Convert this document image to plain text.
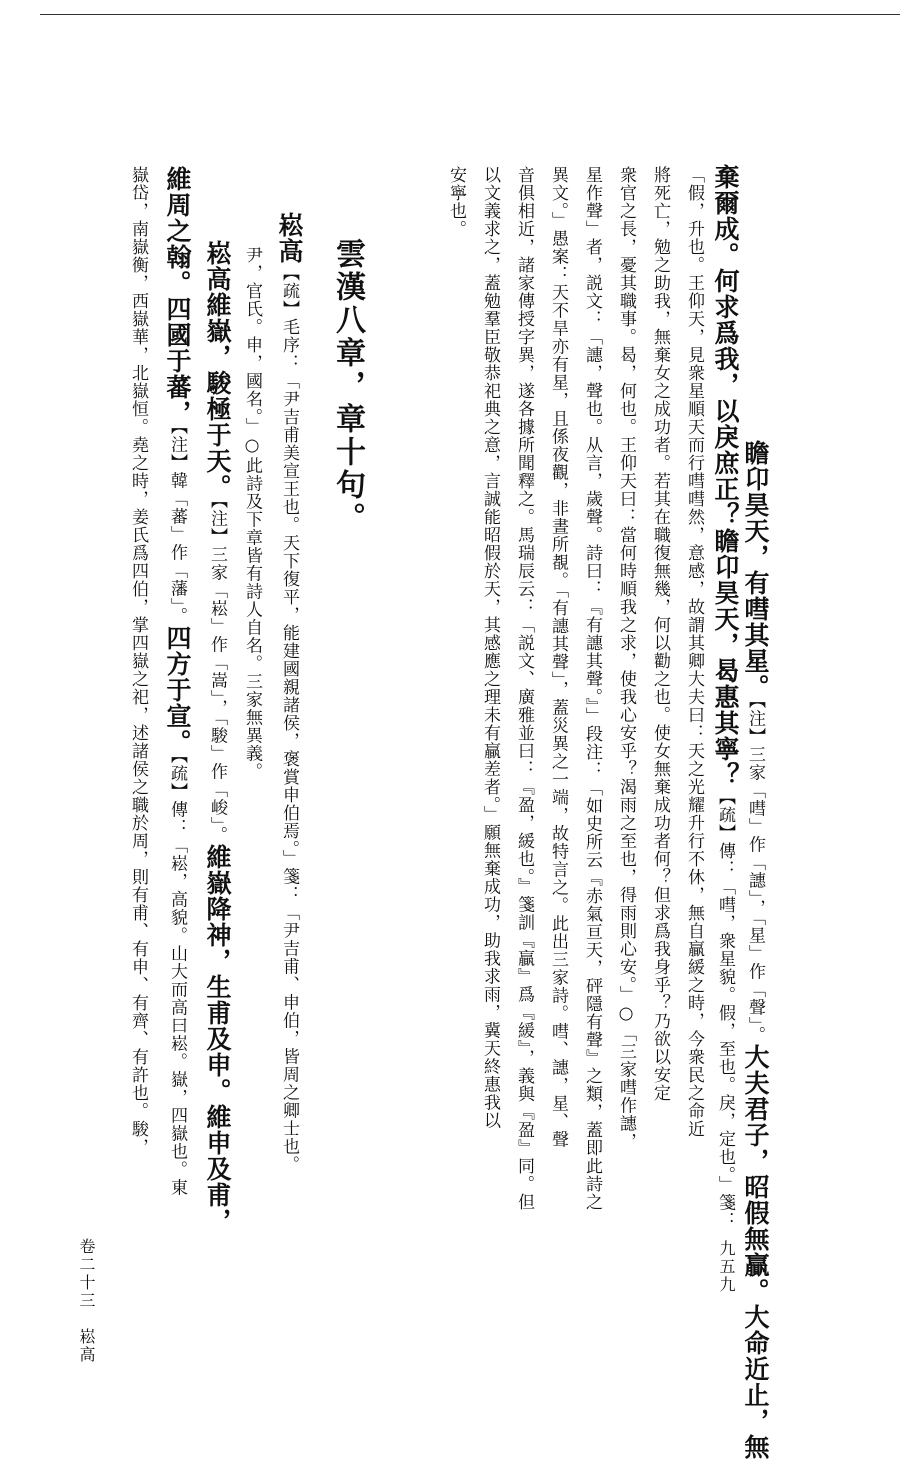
瞻卬昊天，有嘒其星。【注】三家「嘒」作「譓」，「星」作「聲」。大夫君子，昭假無贏。大命近止，無
棄爾成。何求爲我，以戾庶正？瞻卬昊天，曷惠其寧？【疏】傳：「嘒，衆星貌。假，至也。戾，定也。」箋：
「假，升也。王仰天，見衆星順天而行嘒嘒然，意感，故謂其卿大夫曰：天之光耀升行不休，無自贏緩之時，今衆民之命近
將死亡，勉之助我，無棄女之成功者。若其在職復無幾，何以勸之也。使女無棄成功者何？但求爲我身乎？乃欲以安定
衆官之長，憂其職事。曷，何也。王仰天曰：當何時順我之求，使我心安乎？渴雨之至也，得雨則心安。」○「三家嘒作譓，
星作聲」者，説文：「譓，聲也。从言，歲聲。詩曰：『有譓其聲。』」段注：「如史所云『赤氣亘天，砰隱有聲』之類，蓋即此詩之
異文。」愚案：天不旱亦有星，且係夜觀，非晝所覩。「有譓其聲」，蓋災異之一端，故特言之。此出三家詩。嘒、譓，星、聲
音俱相近，諸家傳授字異，遂各據所聞釋之。馬瑞辰云：「説文、廣雅並曰：『盈，緩也。』箋訓『贏』爲『緩』，義與『盈』同。但
以文義求之，蓋勉羣臣敬恭祀典之意，言誠能昭假於天，其感應之理未有贏差者。」願無棄成功，助我求雨，冀天終惠我以
安寧也。
雲漢八章，章十句。
崧高【疏】毛序：「尹吉甫美宣王也。天下復平，能建國親諸侯，褒賞申伯焉。」箋：「尹吉甫、申伯，皆周之卿士也。
尹，官氏。申，國名。」○此詩及下章皆有詩人自名。三家無異義。
崧高維嶽，駿極于天。【注】三家「崧」作「嵩」，「駿」作「峻」。維嶽降神，生甫及申。維申及甫，
維周之翰。四國于蕃，【注】韓「蕃」作「藩」。四方于宣。【疏】傳：「崧，高貌。山大而高曰崧。嶽，四嶽也。東
嶽岱，南嶽衡，西嶽華，北嶽恒。堯之時，姜氏爲四伯，掌四嶽之祀，述諸侯之職於周，則有甫、有申、有齊、有許也。駿，
卷二十三　崧高	九五九
